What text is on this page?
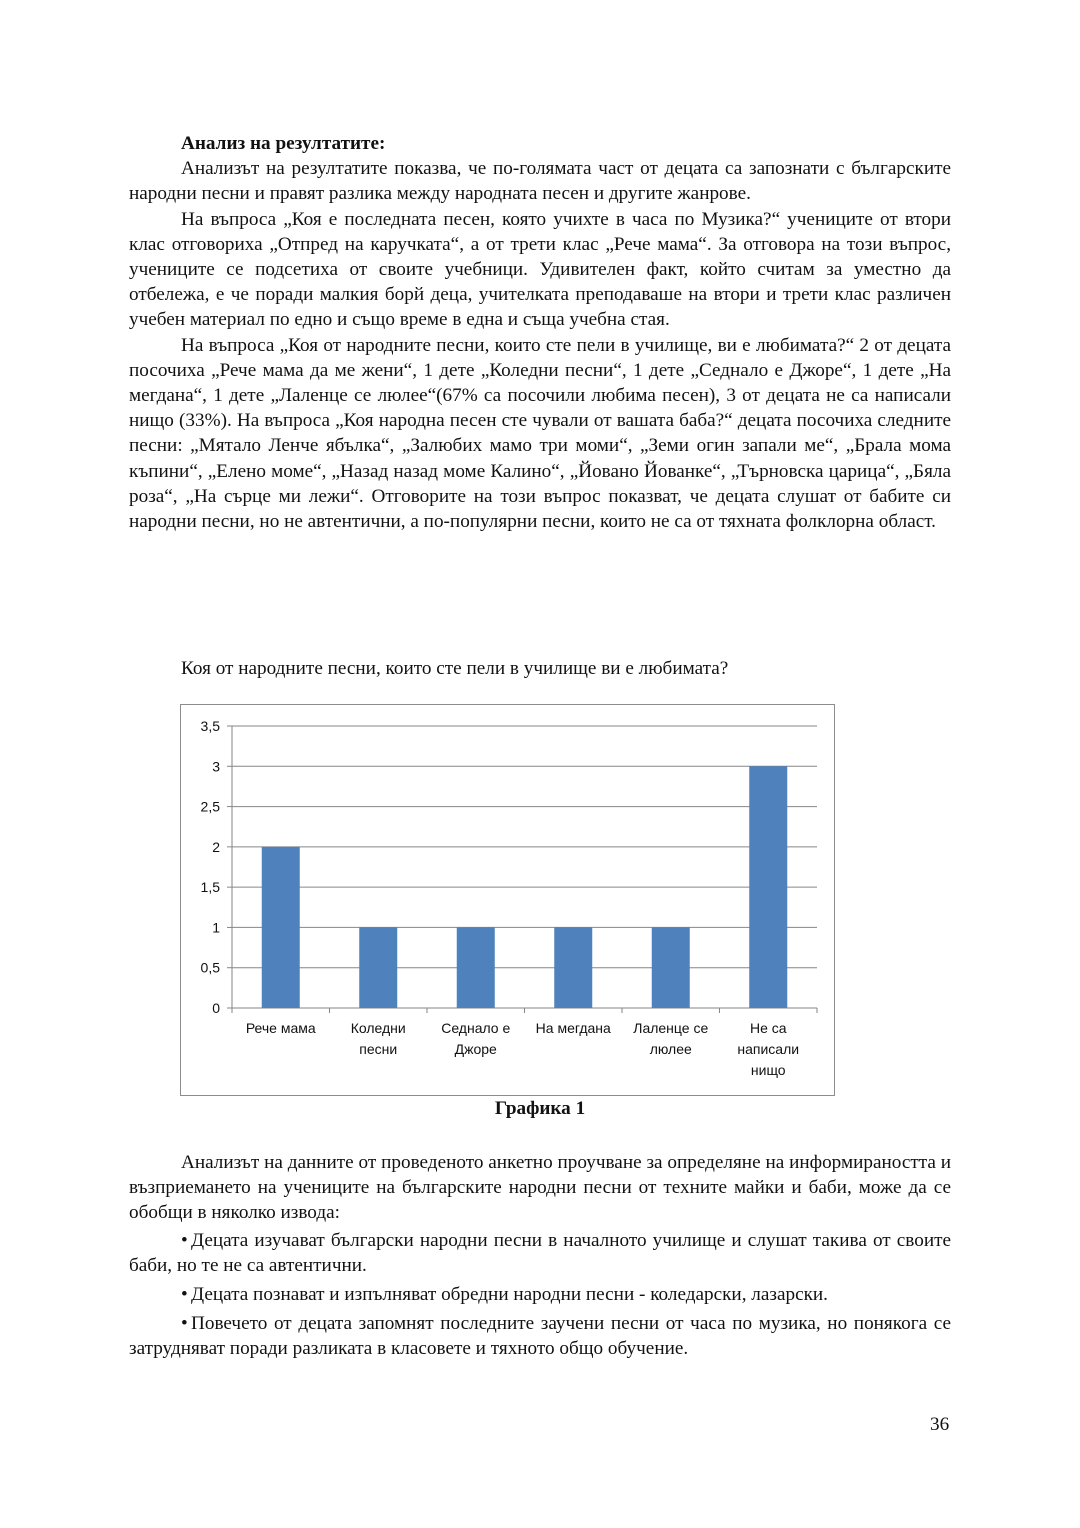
Анализ на резултатите:

Анализът на резултатите показва, че по-голямата част от децата са запознати с българските народни песни и правят разлика между народната песен и другите жанрове.

На въпроса „Коя е последната песен, която учихте в часа по Музика?“ учениците от втори клас отговориха „Отпред на каручката“, а от трети клас „Рече мама“. За отговора на този въпрос, учениците се подсетиха от своите учебници. Удивителен факт, който считам за уместно да отбележа, е че поради малкия борй деца, учителката преподаваше на втори и трети клас различен учебен материал по едно и също време в една и съща учебна стая.

На въпроса „Коя от народните песни, които сте пели в училище, ви е любимата?“ 2 от децата посочиха „Рече мама да ме жени“, 1 дете „Коледни песни“, 1 дете „Седнало е Джоре“, 1 дете „На мегдана“, 1 дете „Лаленце се люлее“(67% са посочили любима песен), 3 от децата не са написали нищо (33%). На въпроса „Коя народна песен сте чували от вашата баба?“ децата посочиха следните песни: „Мятало Ленче ябълка“, „Залюбих мамо три моми“, „Земи огин запали ме“, „Брала мома къпини“, „Елено моме“, „Назад назад моме Калино“, „Йовано Йованке“, „Търновска царица“, „Бяла роза“, „На сърце ми лежи“. Отговорите на този въпрос показват, че децата слушат от бабите си народни песни, но не автентични, а по-популярни песни, които не са от тяхната фолклорна област.

Коя от народните песни, които сте пели в училище ви е любимата?
0
0,5
1
1,5
2
2,5
3
3,5
Рече мама	Коледни
песни
Седнало е
Джоре
На мегдана	Лаленце се
люлее
Не са
написали
нищо
Графика 1

Анализът на данните от проведеното анкетно проучване за определяне на информираността и възприемането на учениците на българските народни песни от техните майки и баби, може да се обобщи в няколко извода:

• Децата изучават български народни песни в началното училище и слушат такива от своите баби, но те не са автентични.

• Децата познават и изпълняват обредни народни песни - коледарски, лазарски.

• Повечето от децата запомнят последните заучени песни от часа по музика, но понякога се затрудняват поради разликата в класовете и тяхното общо обучение.

36
